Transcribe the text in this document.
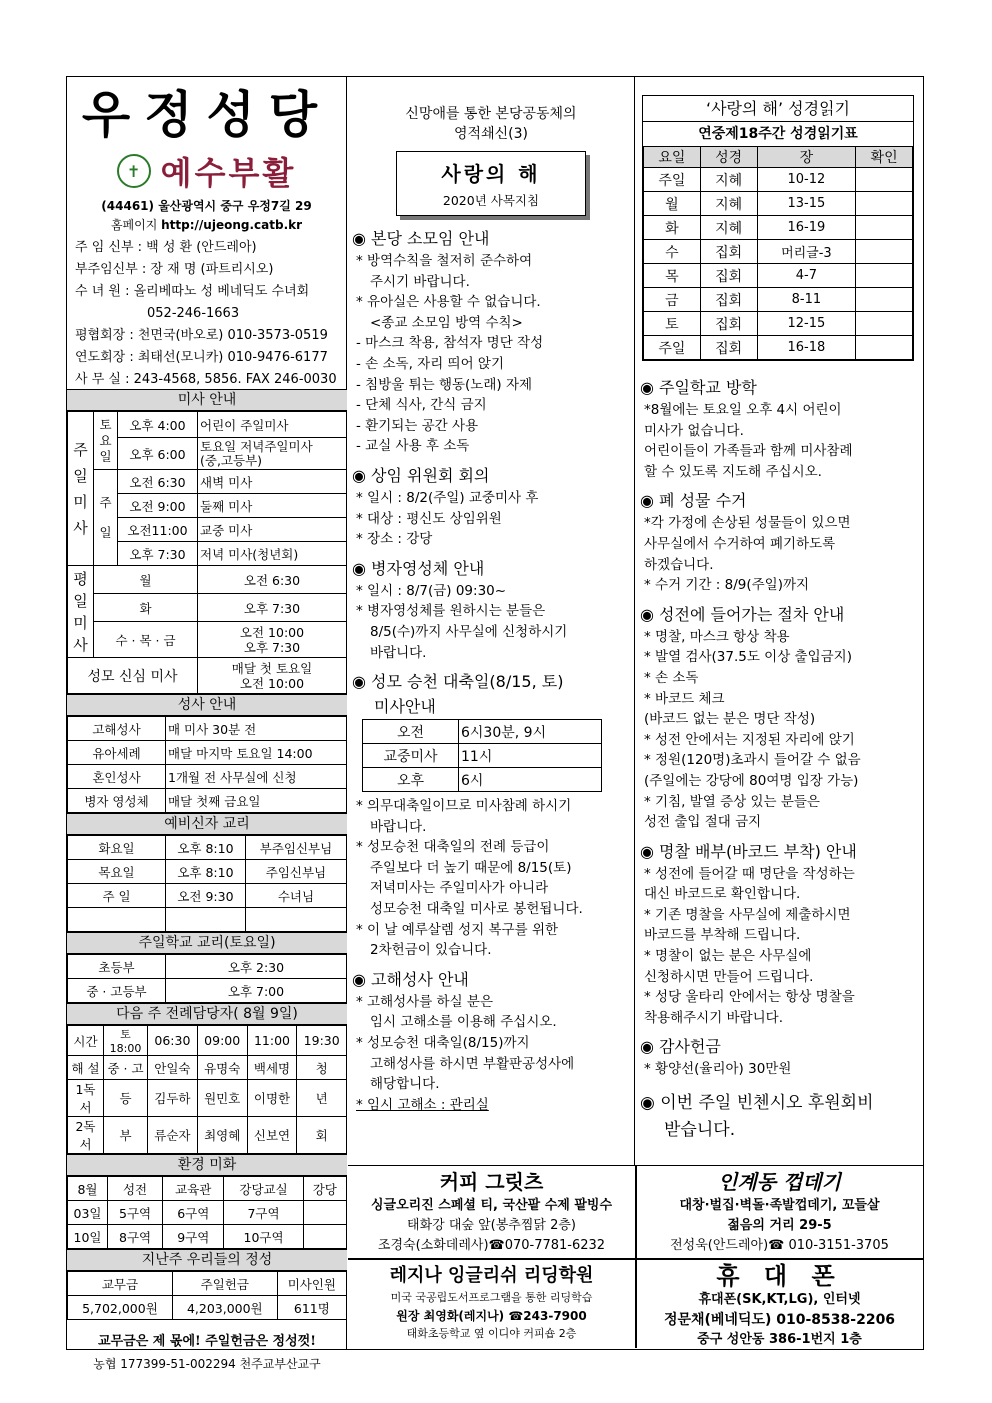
우정성당
✝ 예수부활
(44461) 울산광역시 중구 우정7길 29
홈페이지 http://ujeong.catb.kr
주 임 신부 : 백 성 환 (안드레아)
부주임신부 : 장 재 명 (파트리시오)
수 녀 원 : 올리베따노 성 베네딕도 수녀회
052-246-1663
평협회장 : 천면국(바오로) 010-3573-0519
연도회장 : 최태선(모니카) 010-9476-6177
사 무 실 : 243-4568, 5856. FAX 246-0030
미사 안내
주일미사	토요일	오후 4:00	어린이 주일미사
		오후 6:00	토요일 저녁주일미사
(중,고등부)
	주일	오전 6:30	새벽 미사
		오전 9:00	둘째 미사
		오전11:00	교중 미사
		오후 7:30	저녁 미사(청년회)
평일미사	월		오전 6:30
	화		오후 7:30
	수 · 목 · 금		오전 10:00
오후 7:30
성모 신심 미사			매달 첫 토요일
오전 10:00
성사 안내
고해성사	매 미사 30분 전
유아세례	매달 마지막 토요일 14:00
혼인성사	1개월 전 사무실에 신청
병자 영성체	매달 첫째 금요일
예비신자 교리
화요일	오후 8:10	부주임신부님
목요일	오후 8:10	주임신부님
주 일	오전 9:30	수녀님

주일학교 교리(토요일)
초등부	오후 2:30
중 · 고등부	오후 7:00
다음 주 전례담당자( 8월 9일)
시간	토18:00	06:30	09:00	11:00	19:30
해 설	중 · 고	안일숙	유명숙	백세명	청
1독서	등	김두하	원민호	이명한	년
2독서	부	류순자	최영혜	신보연	회
환경 미화
8월	성전	교육관	강당교실	강당
03일	5구역	6구역	7구역	
10일	8구역	9구역	10구역	
지난주 우리들의 정성
교무금	주일헌금	미사인원
5,702,000원	4,203,000원	611명
교무금은 제 몫에! 주일헌금은 정성껏!
농협 177399-51-002294 천주교부산교구
신망애를 통한 본당공동체의
영적쇄신(3)
사랑의 해
2020년 사목지침
◉ 본당 소모임 안내
* 방역수칙을 철저히 준수하여
주시기 바랍니다.
* 유아실은 사용할 수 없습니다.
<종교 소모임 방역 수칙>
- 마스크 착용, 참석자 명단 작성
- 손 소독, 자리 띄어 앉기
- 침방울 튀는 행동(노래) 자제
- 단체 식사, 간식 금지
- 환기되는 공간 사용
- 교실 사용 후 소독
◉ 상임 위원회 회의
* 일시 : 8/2(주일) 교중미사 후
* 대상 : 평신도 상임위원
* 장소 : 강당
◉ 병자영성체 안내
* 일시 : 8/7(금) 09:30~
* 병자영성체를 원하시는 분들은
8/5(수)까지 사무실에 신청하시기
바랍니다.
◉ 성모 승천 대축일(8/15, 토)
미사안내
오전	6시30분, 9시
교중미사	11시
오후	6시
* 의무대축일이므로 미사참례 하시기
바랍니다.
* 성모승천 대축일의 전례 등급이
주일보다 더 높기 때문에 8/15(토)
저녁미사는 주일미사가 아니라
성모승천 대축일 미사로 봉헌됩니다.
* 이 날 예루살렘 성지 복구를 위한
2차헌금이 있습니다.
◉ 고해성사 안내
* 고해성사를 하실 분은
임시 고해소를 이용해 주십시오.
* 성모승천 대축일(8/15)까지
고해성사를 하시면 부활판공성사에
해당합니다.
* 임시 고해소 : 관리실
‘사랑의 해’ 성경읽기
연중제18주간 성경읽기표
요일	성경	장	확인
주일	지혜	10-12	
월	지혜	13-15	
화	지혜	16-19	
수	집회	머리글-3	
목	집회	4-7	
금	집회	8-11	
토	집회	12-15	
주일	집회	16-18	
◉ 주일학교 방학
*8월에는 토요일 오후 4시 어린이
미사가 없습니다.
어린이들이 가족들과 함께 미사참례
할 수 있도록 지도해 주십시오.
◉ 폐 성물 수거
*각 가정에 손상된 성물들이 있으면
사무실에서 수거하여 폐기하도록
하겠습니다.
* 수거 기간 : 8/9(주일)까지
◉ 성전에 들어가는 절차 안내
* 명찰, 마스크 항상 착용
* 발열 검사(37.5도 이상 출입금지)
* 손 소독
* 바코드 체크
(바코드 없는 분은 명단 작성)
* 성전 안에서는 지정된 자리에 앉기
* 정원(120명)초과시 들어갈 수 없음
(주일에는 강당에 80여명 입장 가능)
* 기침, 발열 증상 있는 분들은
성전 출입 절대 금지
◉ 명찰 배부(바코드 부착) 안내
* 성전에 들어갈 때 명단을 작성하는
대신 바코드로 확인합니다.
* 기존 명찰을 사무실에 제출하시면
바코드를 부착해 드립니다.
* 명찰이 없는 분은 사무실에
신청하시면 만들어 드립니다.
* 성당 울타리 안에서는 항상 명찰을
착용해주시기 바랍니다.
◉ 감사헌금
* 황양선(율리아) 30만원
◉ 이번 주일 빈첸시오 후원회비
받습니다.
커피 그릿츠
싱글오리진 스페셜 티, 국산팥 수제 팥빙수
태화강 대숲 앞(봉추찜닭 2층)
조경숙(소화데레사)☎070-7781-6232
인계동 껍데기
대창·벌집·벽돌·족발껍데기, 꼬들살
젊음의 거리 29-5
전성욱(안드레아)☎ 010-3151-3705
레지나 잉글리쉬 리딩학원
미국 국공립도서프로그램을 통한 리딩학습
원장 최영화(레지나) ☎243-7900
태화초등학교 옆 이디야 커피숍 2층
휴 대 폰
휴대폰(SK,KT,LG), 인터넷
정문채(베네딕도) 010-8538-2206
중구 성안동 386-1번지 1층
